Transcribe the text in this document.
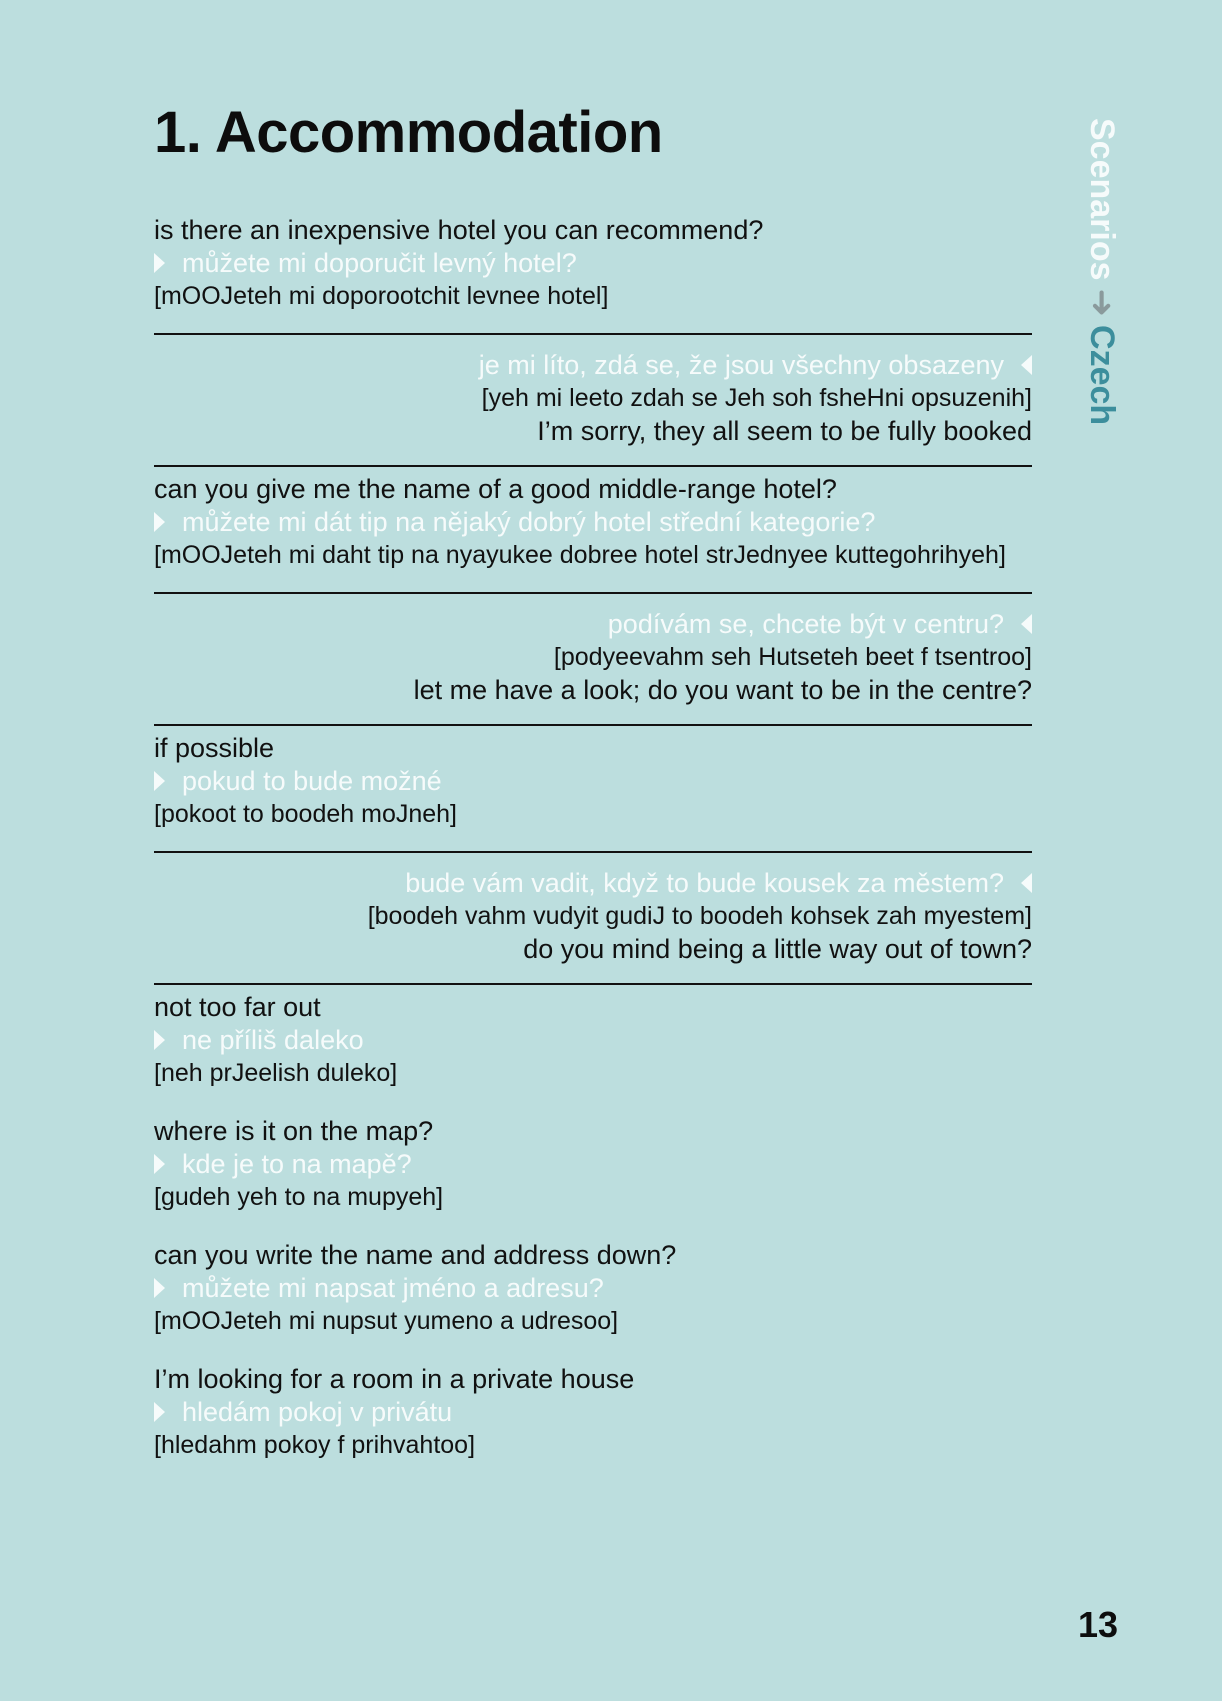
1. Accommodation	Scenarios➜Czech
is there an inexpensive hotel you can recommend?
můžete mi doporučit levný hotel?
[mOOJeteh mi doporootchit levnee hotel]
je mi líto, zdá se, že jsou všechny obsazeny
[yeh mi leeto zdah se Jeh soh fsheHni opsuzenih]
I’m sorry, they all seem to be fully booked
can you give me the name of a good middle-range hotel?
můžete mi dát tip na nějaký dobrý hotel střední kategorie?
[mOOJeteh mi daht tip na nyayukee dobree hotel strJednyee kuttegohrihyeh]
podívám se, chcete být v centru?
[podyeevahm seh Hutseteh beet f tsentroo]
let me have a look; do you want to be in the centre?
if possible
pokud to bude možné
[pokoot to boodeh moJneh]
bude vám vadit, když to bude kousek za městem?
[boodeh vahm vudyit gudiJ to boodeh kohsek zah myestem]
do you mind being a little way out of town?
not too far out
ne příliš daleko
[neh prJeelish duleko]
where is it on the map?
kde je to na mapě?
[gudeh yeh to na mupyeh]
can you write the name and address down?
můžete mi napsat jméno a adresu?
[mOOJeteh mi nupsut yumeno a udresoo]
I’m looking for a room in a private house
hledám pokoj v privátu
[hledahm pokoy f prihvahtoo]
13
